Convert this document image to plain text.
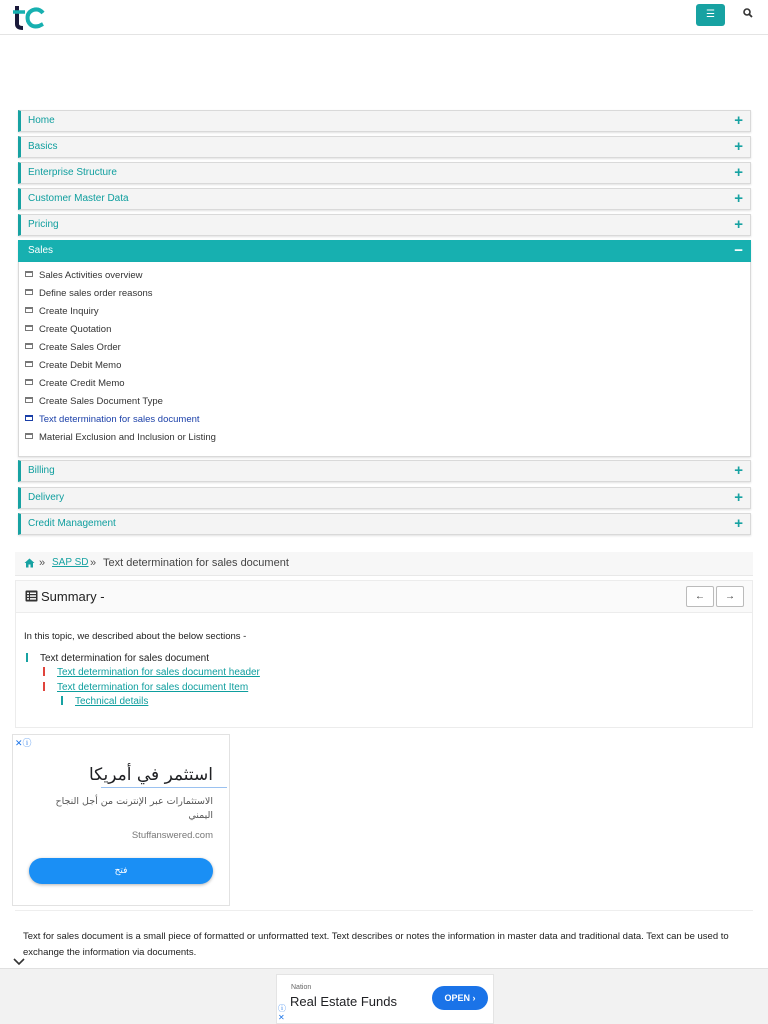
☰
Home	+
Basics	+
Enterprise Structure	+
Customer Master Data	+
Pricing	+
Sales	−
Sales Activities overview
Define sales order reasons
Create Inquiry
Create Quotation
Create Sales Order
Create Debit Memo
Create Credit Memo
Create Sales Document Type
Text determination for sales document
Material Exclusion and Inclusion or Listing
Billing	+
Delivery	+
Credit Management	+
» SAP SD » Text determination for sales document
Summary -	←	→
In this topic, we described about the below sections -
Text determination for sales document
Text determination for sales document header
Text determination for sales document Item
Technical details
✕ⓘ
استثمر في أمريكا
الاستثمارات عبر الإنترنت من أجل النجاح اليمني
Stuffanswered.com
فتح

Text for sales document is a small piece of formatted or unformatted text. Text describes or notes the information in master data and traditional data. Text can be used to exchange the information via documents.

Nation
Real Estate Funds	OPEN ›
ⓘ✕
